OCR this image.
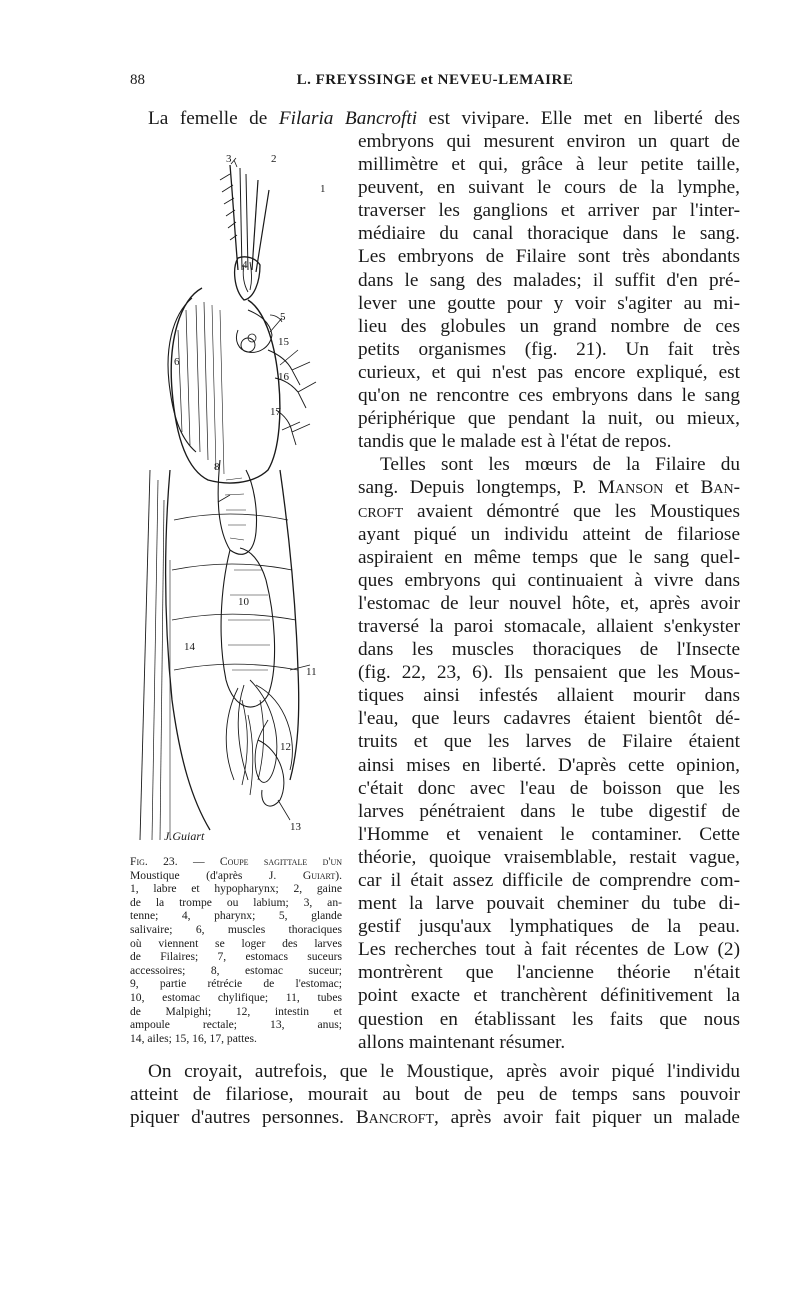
88	L. FREYSSINGE et NEVEU-LEMAIRE
La femelle de Filaria Bancrofti est vivipare. Elle met en liberté des
embryons qui mesurent environ un quart de
millimètre et qui, grâce à leur petite taille,
peuvent, en suivant le cours de la lymphe,
traverser les ganglions et arriver par l'inter-
médiaire du canal thoracique dans le sang.
Les embryons de Filaire sont très abondants
dans le sang des malades; il suffit d'en pré-
lever une goutte pour y voir s'agiter au mi-
lieu des globules un grand nombre de ces
petits organismes (fig. 21). Un fait très
curieux, et qui n'est pas encore expliqué, est
qu'on ne rencontre ces embryons dans le sang
périphérique que pendant la nuit, ou mieux,
tandis que le malade est à l'état de repos.
Telles sont les mœurs de la Filaire du
sang. Depuis longtemps, P. Manson et Ban-
croft avaient démontré que les Moustiques
ayant piqué un individu atteint de filariose
aspiraient en même temps que le sang quel-
ques embryons qui continuaient à vivre dans
l'estomac de leur nouvel hôte, et, après avoir
traversé la paroi stomacale, allaient s'enkyster
dans les muscles thoraciques de l'Insecte
(fig. 22, 23, 6). Ils pensaient que les Mous-
tiques ainsi infestés allaient mourir dans
l'eau, que leurs cadavres étaient bientôt dé-
truits et que les larves de Filaire étaient
ainsi mises en liberté. D'après cette opinion,
c'était donc avec l'eau de boisson que les
larves pénétraient dans le tube digestif de
l'Homme et venaient le contaminer. Cette
théorie, quoique vraisemblable, restait vague,
car il était assez difficile de comprendre com-
ment la larve pouvait cheminer du tube di-
gestif jusqu'aux lymphatiques de la peau.
Les recherches tout à fait récentes de Low (2)
montrèrent que l'ancienne théorie n'était
point exacte et tranchèrent définitivement la
question en établissant les faits que nous
allons maintenant résumer.
3	2
1
4
5
15
16
17
6
8
10
14
11
12
13
J.Guiart
Fig. 23. — Coupe sagittale d'un
Moustique (d'après J. Guiart).
1, labre et hypopharynx; 2, gaine
de la trompe ou labium; 3, an-
tenne; 4, pharynx; 5, glande
salivaire; 6, muscles thoraciques
où viennent se loger des larves
de Filaires; 7, estomacs suceurs
accessoires; 8, estomac suceur;
9, partie rétrécie de l'estomac;
10, estomac chylifique; 11, tubes
de Malpighi; 12, intestin et
ampoule rectale; 13, anus;
14, ailes; 15, 16, 17, pattes.
On croyait, autrefois, que le Moustique, après avoir piqué l'individu
atteint de filariose, mourait au bout de peu de temps sans pouvoir
piquer d'autres personnes. Bancroft, après avoir fait piquer un malade
